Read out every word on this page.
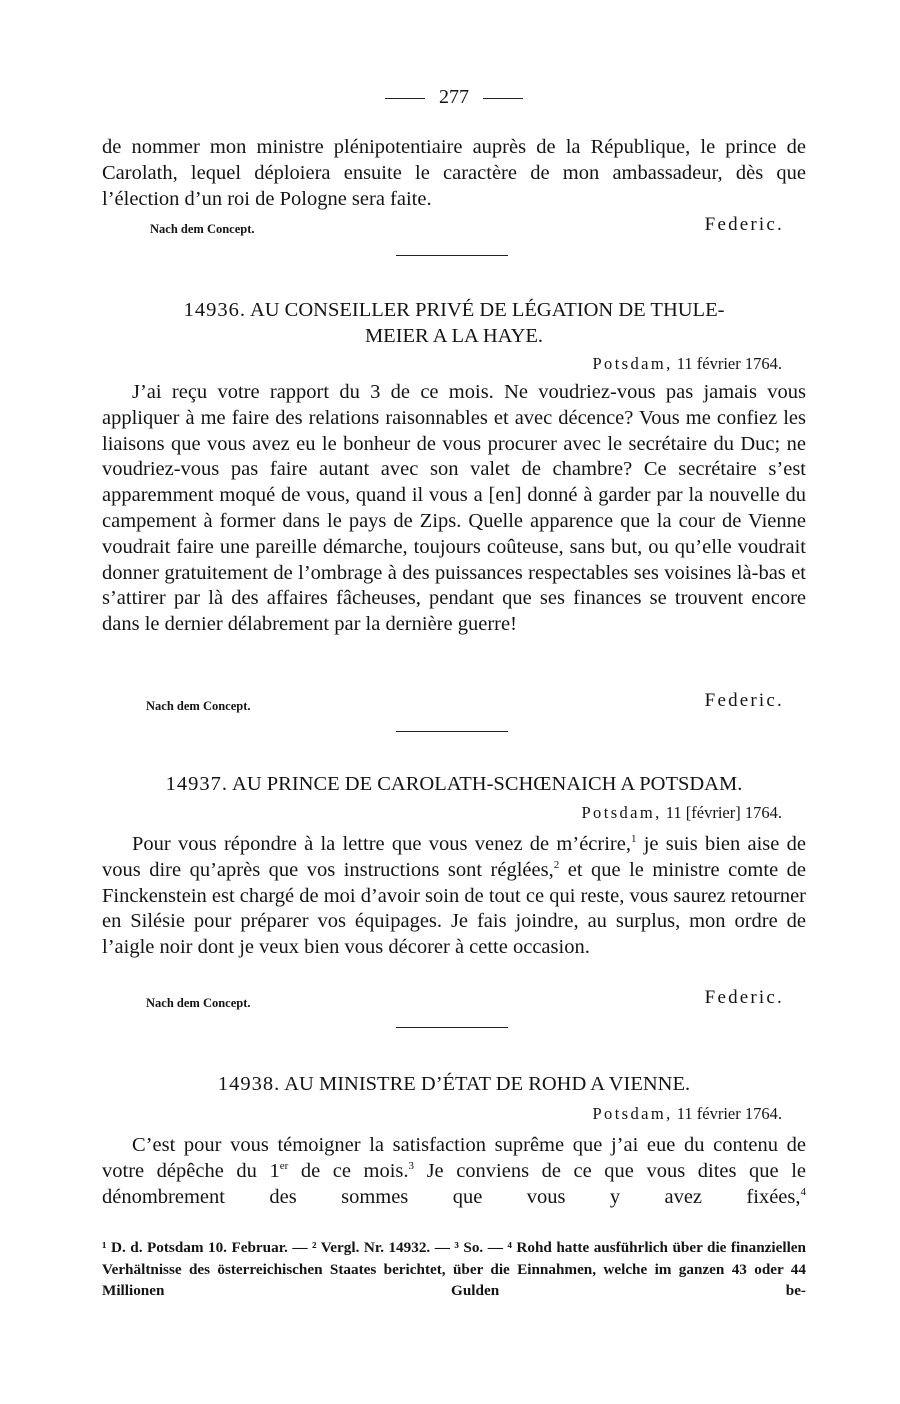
277
de nommer mon ministre plénipotentiaire auprès de la République, le prince de Carolath, lequel déploiera ensuite le caractère de mon ambassadeur, dès que l’élection d’un roi de Pologne sera faite.
Nach dem Concept.	Federic.
14936. AU CONSEILLER PRIVÉ DE LÉGATION DE THULE-
MEIER A LA HAYE.
Potsdam, 11 février 1764.
J’ai reçu votre rapport du 3 de ce mois. Ne voudriez-vous pas jamais vous appliquer à me faire des relations raisonnables et avec décence? Vous me confiez les liaisons que vous avez eu le bonheur de vous procurer avec le secrétaire du Duc; ne voudriez-vous pas faire autant avec son valet de chambre? Ce secrétaire s’est apparemment moqué de vous, quand il vous a [en] donné à garder par la nouvelle du campement à former dans le pays de Zips. Quelle apparence que la cour de Vienne voudrait faire une pareille démarche, toujours coûteuse, sans but, ou qu’elle voudrait donner gratuitement de l’ombrage à des puissances respectables ses voisines là-bas et s’attirer par là des affaires fâcheuses, pendant que ses finances se trouvent encore dans le dernier délabrement par la dernière guerre!
Nach dem Concept.	Federic.
14937. AU PRINCE DE CAROLATH-SCHŒNAICH A POTSDAM.
Potsdam, 11 [février] 1764.
Pour vous répondre à la lettre que vous venez de m’écrire,$^1$ je suis bien aise de vous dire qu’après que vos instructions sont réglées,$^2$ et que le ministre comte de Finckenstein est chargé de moi d’avoir soin de tout ce qui reste, vous saurez retourner en Silésie pour préparer vos équipages. Je fais joindre, au surplus, mon ordre de l’aigle noir dont je veux bien vous décorer à cette occasion.
Nach dem Concept.	Federic.
14938. AU MINISTRE D’ÉTAT DE ROHD A VIENNE.
Potsdam, 11 février 1764.
C’est pour vous témoigner la satisfaction suprême que j’ai eue du contenu de votre dépêche du 1er de ce mois.$^3$ Je conviens de ce que vous dites que le dénombrement des sommes que vous y avez fixées,$^4$
¹ D. d. Potsdam 10. Februar. — ² Vergl. Nr. 14932. — ³ So. — ⁴ Rohd hatte ausführlich über die finanziellen Verhältnisse des österreichischen Staates berichtet, über die Einnahmen, welche im ganzen 43 oder 44 Millionen Gulden be-
